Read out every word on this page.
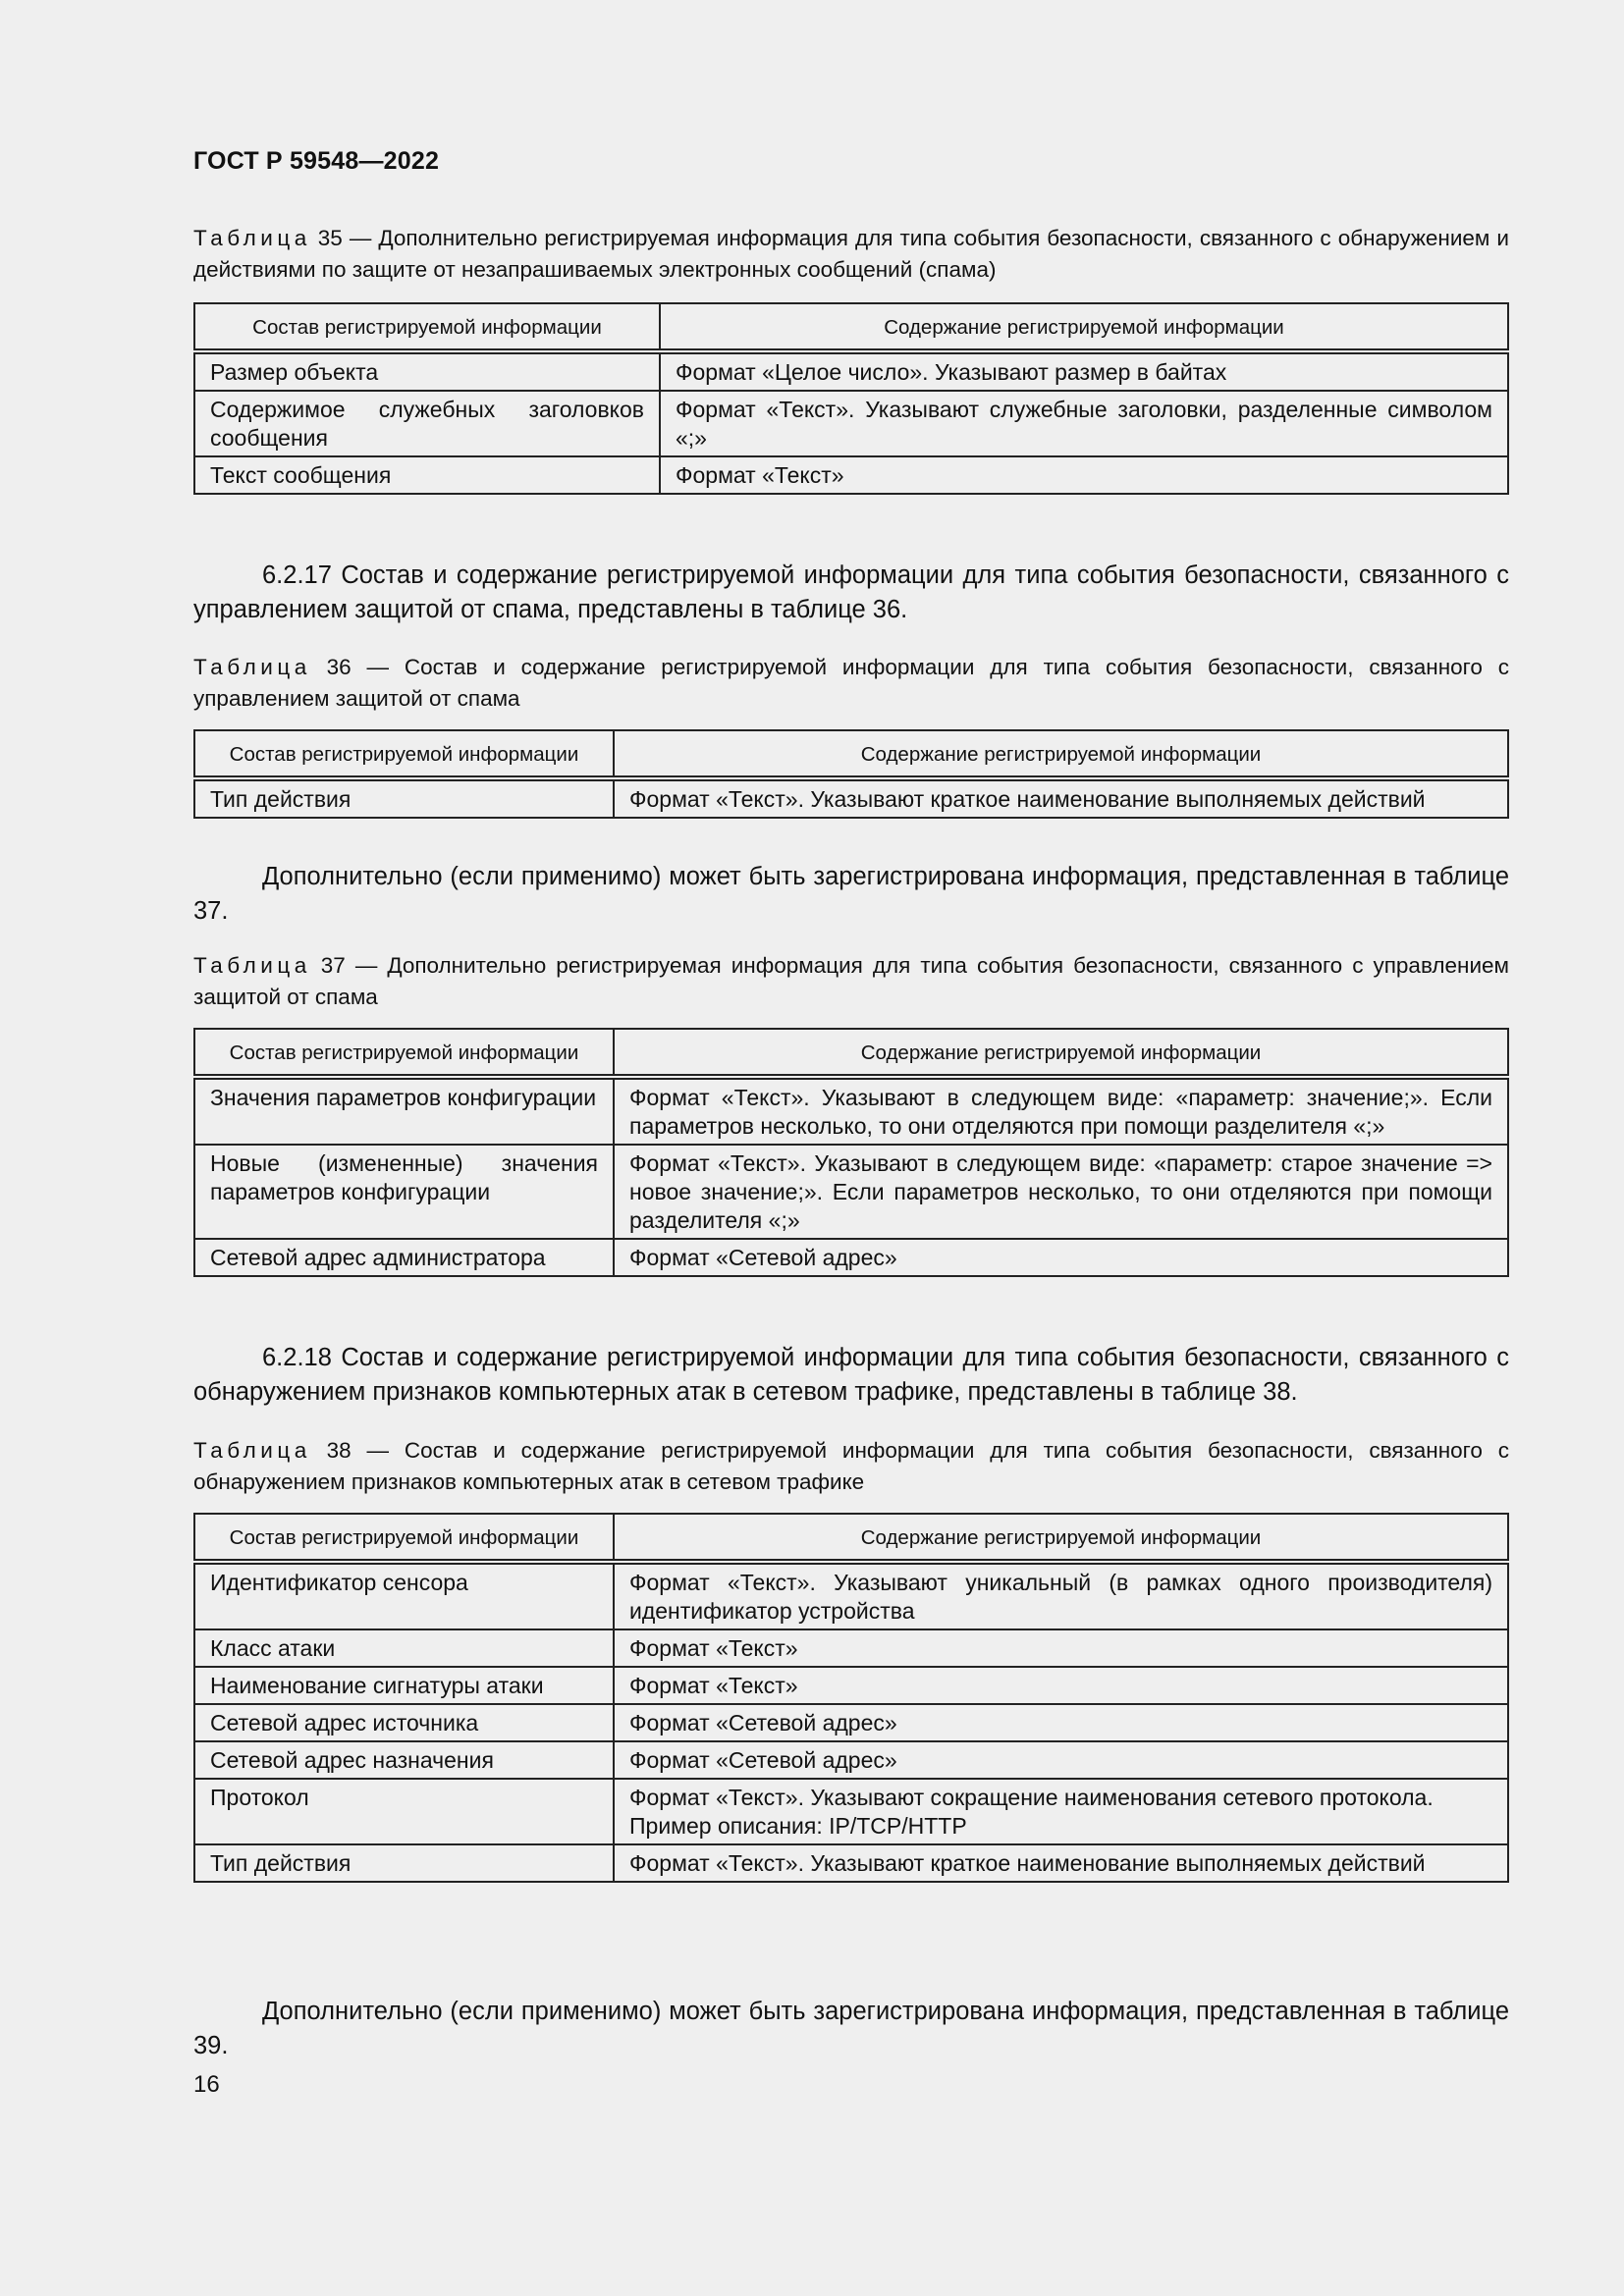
ГОСТ Р 59548—2022
Таблица 35 — Дополнительно регистрируемая информация для типа события безопасности, связанного с обнаружением и действиями по защите от незапрашиваемых электронных сообщений (спама)
Состав регистрируемой информации	Содержание регистрируемой информации
Размер объекта	Формат «Целое число». Указывают размер в байтах
Содержимое служебных заголовков сообщения	Формат «Текст». Указывают служебные заголовки, разделенные символом «;»
Текст сообщения	Формат «Текст»
6.2.17 Состав и содержание регистрируемой информации для типа события безопасности, связанного с управлением защитой от спама, представлены в таблице 36.
Таблица 36 — Состав и содержание регистрируемой информации для типа события безопасности, связанного с управлением защитой от спама
Состав регистрируемой информации	Содержание регистрируемой информации
Тип действия	Формат «Текст». Указывают краткое наименование выполняемых действий
Дополнительно (если применимо) может быть зарегистрирована информация, представленная в таблице 37.
Таблица 37 — Дополнительно регистрируемая информация для типа события безопасности, связанного с управлением защитой от спама
Состав регистрируемой информации	Содержание регистрируемой информации
Значения параметров конфигурации	Формат «Текст». Указывают в следующем виде: «параметр: значение;». Если параметров несколько, то они отделяются при помощи разделителя «;»
Новые (измененные) значения параметров конфигурации	Формат «Текст». Указывают в следующем виде: «параметр: старое значение => новое значение;». Если параметров несколько, то они отделяются при помощи разделителя «;»
Сетевой адрес администратора	Формат «Сетевой адрес»
6.2.18 Состав и содержание регистрируемой информации для типа события безопасности, связанного с обнаружением признаков компьютерных атак в сетевом трафике, представлены в таблице 38.
Таблица 38 — Состав и содержание регистрируемой информации для типа события безопасности, связанного с обнаружением признаков компьютерных атак в сетевом трафике
Состав регистрируемой информации	Содержание регистрируемой информации
Идентификатор сенсора	Формат «Текст». Указывают уникальный (в рамках одного производителя) идентификатор устройства
Класс атаки	Формат «Текст»
Наименование сигнатуры атаки	Формат «Текст»
Сетевой адрес источника	Формат «Сетевой адрес»
Сетевой адрес назначения	Формат «Сетевой адрес»
Протокол	Формат «Текст». Указывают сокращение наименования сетевого протокола. Пример описания: IP/TCP/HTTP
Тип действия	Формат «Текст». Указывают краткое наименование выполняемых действий
Дополнительно (если применимо) может быть зарегистрирована информация, представленная в таблице 39.
16
